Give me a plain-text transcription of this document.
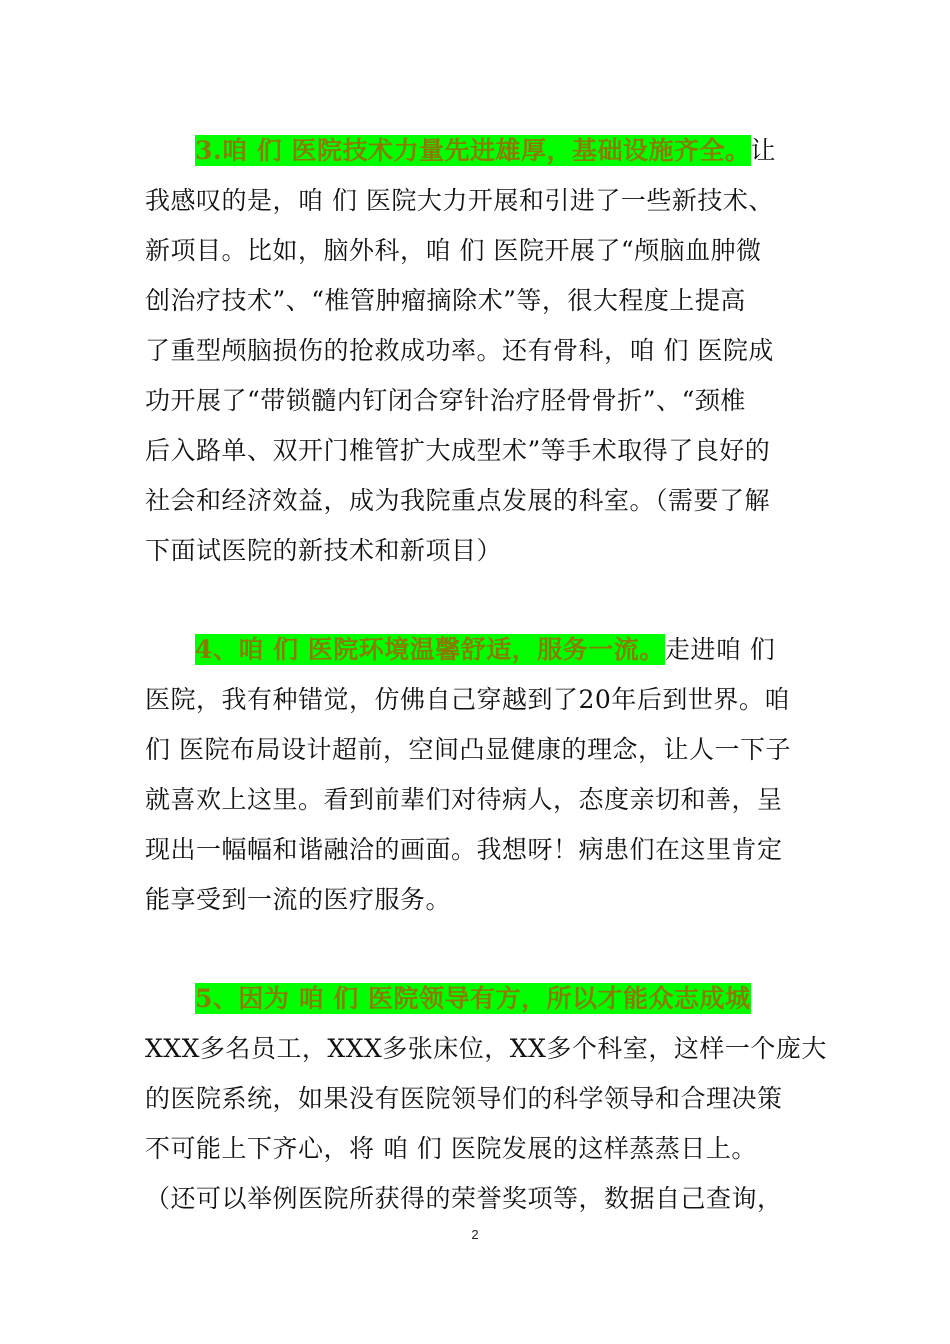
3.咱 们 医院技术力量先进雄厚，基础设施齐全。让
我感叹的是，咱 们 医院大力开展和引进了一些新技术、
新项目。比如，脑外科，咱 们 医院开展了“颅脑血肿微
创治疗技术”、“椎管肿瘤摘除术”等，很大程度上提高
了重型颅脑损伤的抢救成功率。还有骨科，咱 们 医院成
功开展了“带锁髓内钉闭合穿针治疗胫骨骨折”、“颈椎
后入路单、双开门椎管扩大成型术”等手术取得了良好的
社会和经济效益，成为我院重点发展的科室。（需要了解
下面试医院的新技术和新项目）
4、咱 们 医院环境温馨舒适，服务一流。走进咱 们
医院，我有种错觉，仿佛自己穿越到了20年后到世界。咱
们 医院布局设计超前，空间凸显健康的理念，让人一下子
就喜欢上这里。看到前辈们对待病人，态度亲切和善，呈
现出一幅幅和谐融洽的画面。我想呀！病患们在这里肯定
能享受到一流的医疗服务。
5、因为 咱 们 医院领导有方，所以才能众志成城
XXX多名员工，XXX多张床位，XX多个科室，这样一个庞大
的医院系统，如果没有医院领导们的科学领导和合理决策
不可能上下齐心，将 咱 们 医院发展的这样蒸蒸日上。
（还可以举例医院所获得的荣誉奖项等，数据自己查询，
2
